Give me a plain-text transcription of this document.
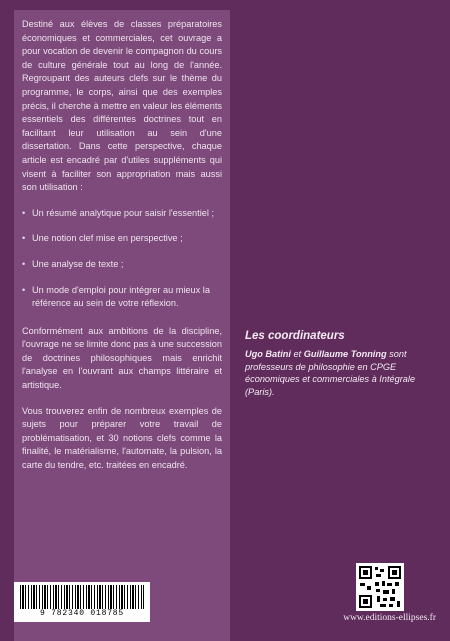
Destiné aux élèves de classes préparatoires économiques et commerciales, cet ouvrage a pour vocation de devenir le compagnon du cours de culture générale tout au long de l'année. Regroupant des auteurs clefs sur le thème du programme, le corps, ainsi que des exemples précis, il cherche à mettre en valeur les éléments essentiels des différentes doctrines tout en facilitant leur utilisation au sein d'une dissertation. Dans cette perspective, chaque article est encadré par d'utiles suppléments qui visent à faciliter son appropriation mais aussi son utilisation :

• Un résumé analytique pour saisir l'essentiel ;
• Une notion clef mise en perspective ;
• Une analyse de texte ;
• Un mode d'emploi pour intégrer au mieux la référence au sein de votre réflexion.

Conformément aux ambitions de la discipline, l'ouvrage ne se limite donc pas à une succession de doctrines philosophiques mais enrichit l'analyse en l'ouvrant aux champs littéraire et artistique.

Vous trouverez enfin de nombreux exemples de sujets pour préparer votre travail de problématisation, et 30 notions clefs comme la finalité, le matérialisme, l'automate, la pulsion, la carte du tendre, etc. traitées en encadré.

Les coordinateurs
Ugo Batini et Guillaume Tonning sont professeurs de philosophie en CPGE économiques et commerciales à Intégrale (Paris).
9 782340 018785	www.editions-ellipses.fr
